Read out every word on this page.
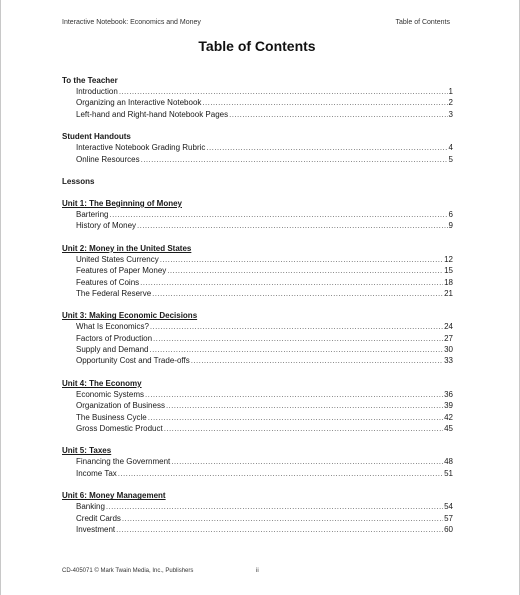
Interactive Notebook: Economics and Money	Table of Contents
Table of Contents
To the Teacher
Introduction .....	1
Organizing an Interactive Notebook .....	2
Left-hand and Right-hand Notebook Pages .....	3
Student Handouts
Interactive Notebook Grading Rubric .....	4
Online Resources .....	5
Lessons
Unit 1: The Beginning of Money
Bartering .....	6
History of Money .....	9
Unit 2: Money in the United States
United States Currency .....	12
Features of Paper Money .....	15
Features of Coins .....	18
The Federal Reserve .....	21
Unit 3: Making Economic Decisions
What Is Economics? .....	24
Factors of Production .....	27
Supply and Demand .....	30
Opportunity Cost and Trade-offs .....	33
Unit 4: The Economy
Economic Systems .....	36
Organization of Business .....	39
The Business Cycle .....	42
Gross Domestic Product .....	45
Unit 5: Taxes
Financing the Government .....	48
Income Tax .....	51
Unit 6: Money Management
Banking .....	54
Credit Cards .....	57
Investment .....	60
CD-405071 © Mark Twain Media, Inc., Publishers	ii
